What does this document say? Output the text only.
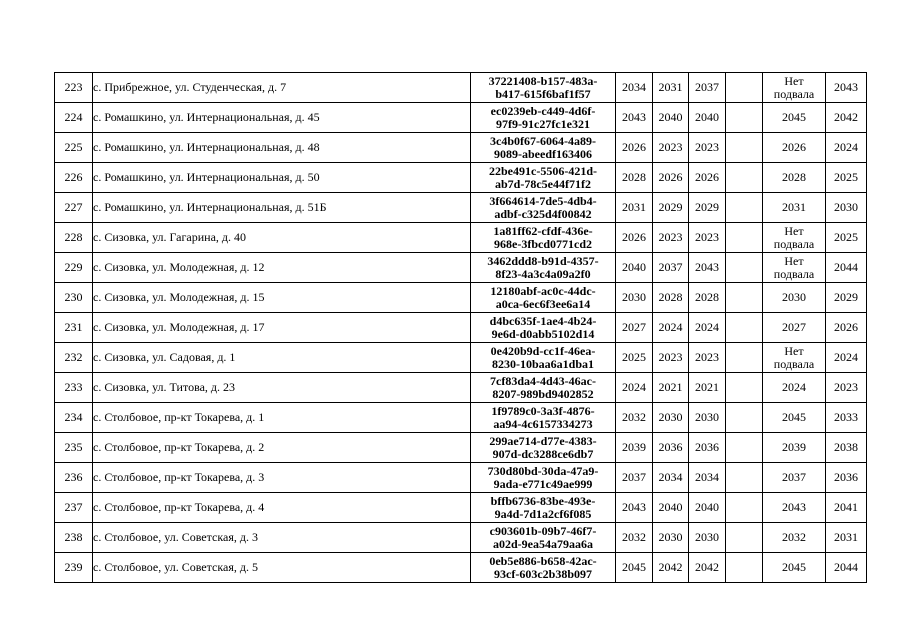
223	с. Прибрежное, ул. Студенческая, д. 7	37221408-b157-483a-
b417-615f6baf1f57	2034	2031	2037		Нет подвала	2043
224	с. Ромашкино, ул. Интернациональная, д. 45	ec0239eb-c449-4d6f-
97f9-91c27fc1e321	2043	2040	2040		2045	2042
225	с. Ромашкино, ул. Интернациональная, д. 48	3c4b0f67-6064-4a89-
9089-abeedf163406	2026	2023	2023		2026	2024
226	с. Ромашкино, ул. Интернациональная, д. 50	22be491c-5506-421d-
ab7d-78c5e44f71f2	2028	2026	2026		2028	2025
227	с. Ромашкино, ул. Интернациональная, д. 51Б	3f664614-7de5-4db4-
adbf-c325d4f00842	2031	2029	2029		2031	2030
228	с. Сизовка, ул. Гагарина, д. 40	1a81ff62-cfdf-436e-
968e-3fbcd0771cd2	2026	2023	2023		Нет подвала	2025
229	с. Сизовка, ул. Молодежная, д. 12	3462ddd8-b91d-4357-
8f23-4a3c4a09a2f0	2040	2037	2043		Нет подвала	2044
230	с. Сизовка, ул. Молодежная, д. 15	12180abf-ac0c-44dc-
a0ca-6ec6f3ee6a14	2030	2028	2028		2030	2029
231	с. Сизовка, ул. Молодежная, д. 17	d4bc635f-1ae4-4b24-
9e6d-d0abb5102d14	2027	2024	2024		2027	2026
232	с. Сизовка, ул. Садовая, д. 1	0e420b9d-cc1f-46ea-
8230-10baa6a1dba1	2025	2023	2023		Нет подвала	2024
233	с. Сизовка, ул. Титова, д. 23	7cf83da4-4d43-46ac-
8207-989bd9402852	2024	2021	2021		2024	2023
234	с. Столбовое, пр-кт Токарева, д. 1	1f9789c0-3a3f-4876-
aa94-4c6157334273	2032	2030	2030		2045	2033
235	с. Столбовое, пр-кт Токарева, д. 2	299ae714-d77e-4383-
907d-dc3288ce6db7	2039	2036	2036		2039	2038
236	с. Столбовое, пр-кт Токарева, д. 3	730d80bd-30da-47a9-
9ada-e771c49ae999	2037	2034	2034		2037	2036
237	с. Столбовое, пр-кт Токарева, д. 4	bffb6736-83be-493e-
9a4d-7d1a2cf6f085	2043	2040	2040		2043	2041
238	с. Столбовое, ул. Советская, д. 3	c903601b-09b7-46f7-
a02d-9ea54a79aa6a	2032	2030	2030		2032	2031
239	с. Столбовое, ул. Советская, д. 5	0eb5e886-b658-42ac-
93cf-603c2b38b097	2045	2042	2042		2045	2044
